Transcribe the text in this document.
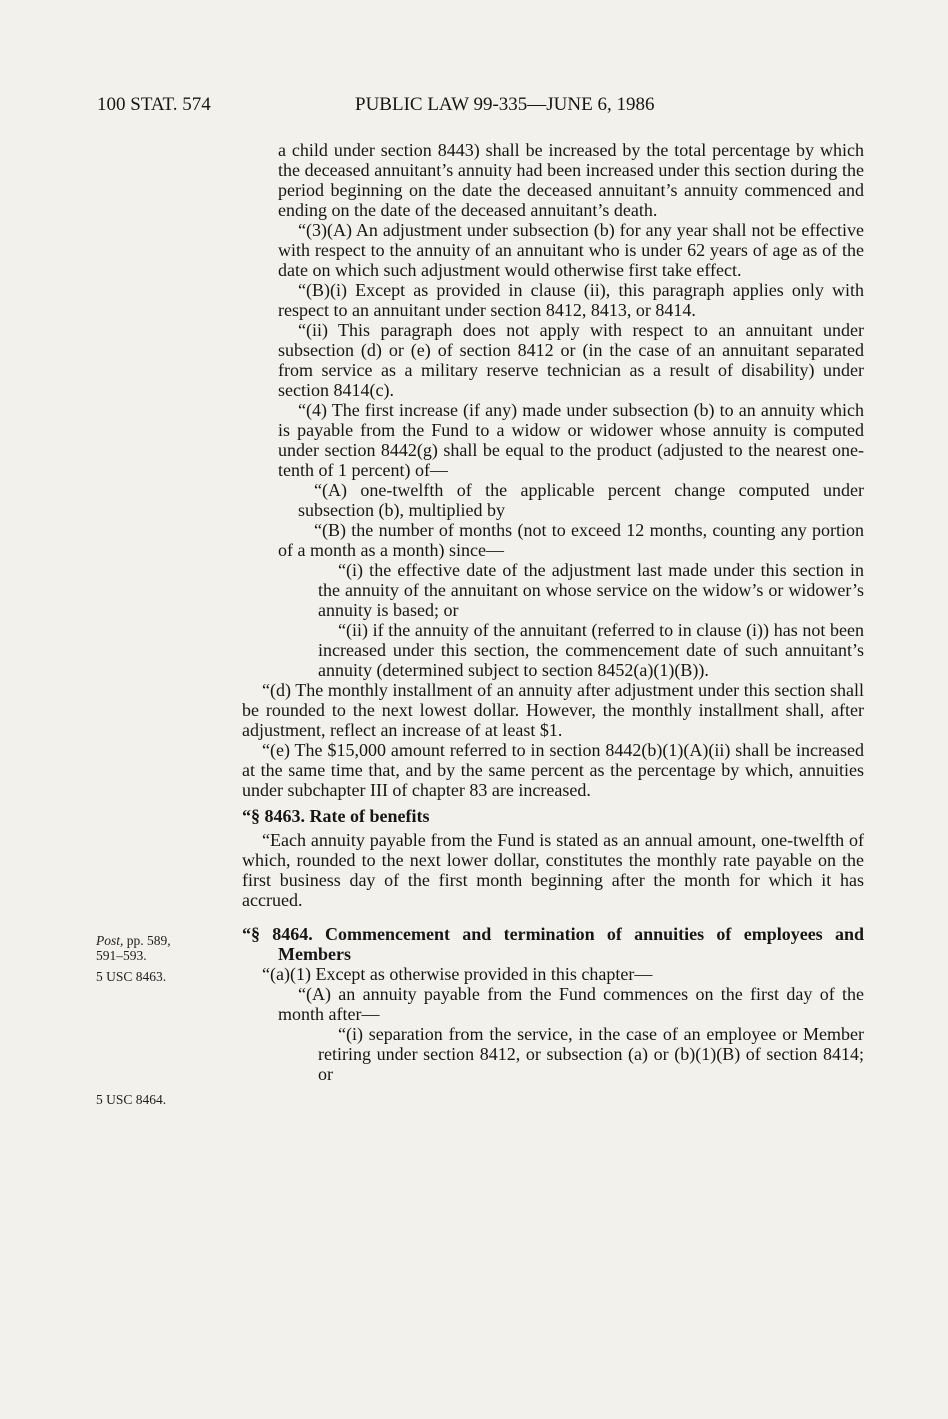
100 STAT. 574	PUBLIC LAW 99-335—JUNE 6, 1986
Post, pp. 589,
591–593.
5 USC 8463.
5 USC 8464.

a child under section 8443) shall be increased by the total percentage by which the deceased annuitant’s annuity had been increased under this section during the period beginning on the date the deceased annuitant’s annuity commenced and ending on the date of the deceased annuitant’s death.

“(3)(A) An adjustment under subsection (b) for any year shall not be effective with respect to the annuity of an annuitant who is under 62 years of age as of the date on which such adjustment would otherwise first take effect.

“(B)(i) Except as provided in clause (ii), this paragraph applies only with respect to an annuitant under section 8412, 8413, or 8414.

“(ii) This paragraph does not apply with respect to an annuitant under subsection (d) or (e) of section 8412 or (in the case of an annuitant separated from service as a military reserve technician as a result of disability) under section 8414(c).

“(4) The first increase (if any) made under subsection (b) to an annuity which is payable from the Fund to a widow or widower whose annuity is computed under section 8442(g) shall be equal to the product (adjusted to the nearest one-tenth of 1 percent) of—

“(A) one-twelfth of the applicable percent change computed under subsection (b), multiplied by

“(B) the number of months (not to exceed 12 months, counting any portion of a month as a month) since—

“(i) the effective date of the adjustment last made under this section in the annuity of the annuitant on whose service on the widow’s or widower’s annuity is based; or

“(ii) if the annuity of the annuitant (referred to in clause (i)) has not been increased under this section, the commencement date of such annuitant’s annuity (determined subject to section 8452(a)(1)(B)).

“(d) The monthly installment of an annuity after adjustment under this section shall be rounded to the next lowest dollar. However, the monthly installment shall, after adjustment, reflect an increase of at least $1.

“(e) The $15,000 amount referred to in section 8442(b)(1)(A)(ii) shall be increased at the same time that, and by the same percent as the percentage by which, annuities under subchapter III of chapter 83 are increased.

“§ 8463. Rate of benefits

“Each annuity payable from the Fund is stated as an annual amount, one-twelfth of which, rounded to the next lower dollar, constitutes the monthly rate payable on the first business day of the first month beginning after the month for which it has accrued.

“§ 8464. Commencement and termination of annuities of employees and Members

“(a)(1) Except as otherwise provided in this chapter—

“(A) an annuity payable from the Fund commences on the first day of the month after—

“(i) separation from the service, in the case of an employee or Member retiring under section 8412, or subsection (a) or (b)(1)(B) of section 8414; or
